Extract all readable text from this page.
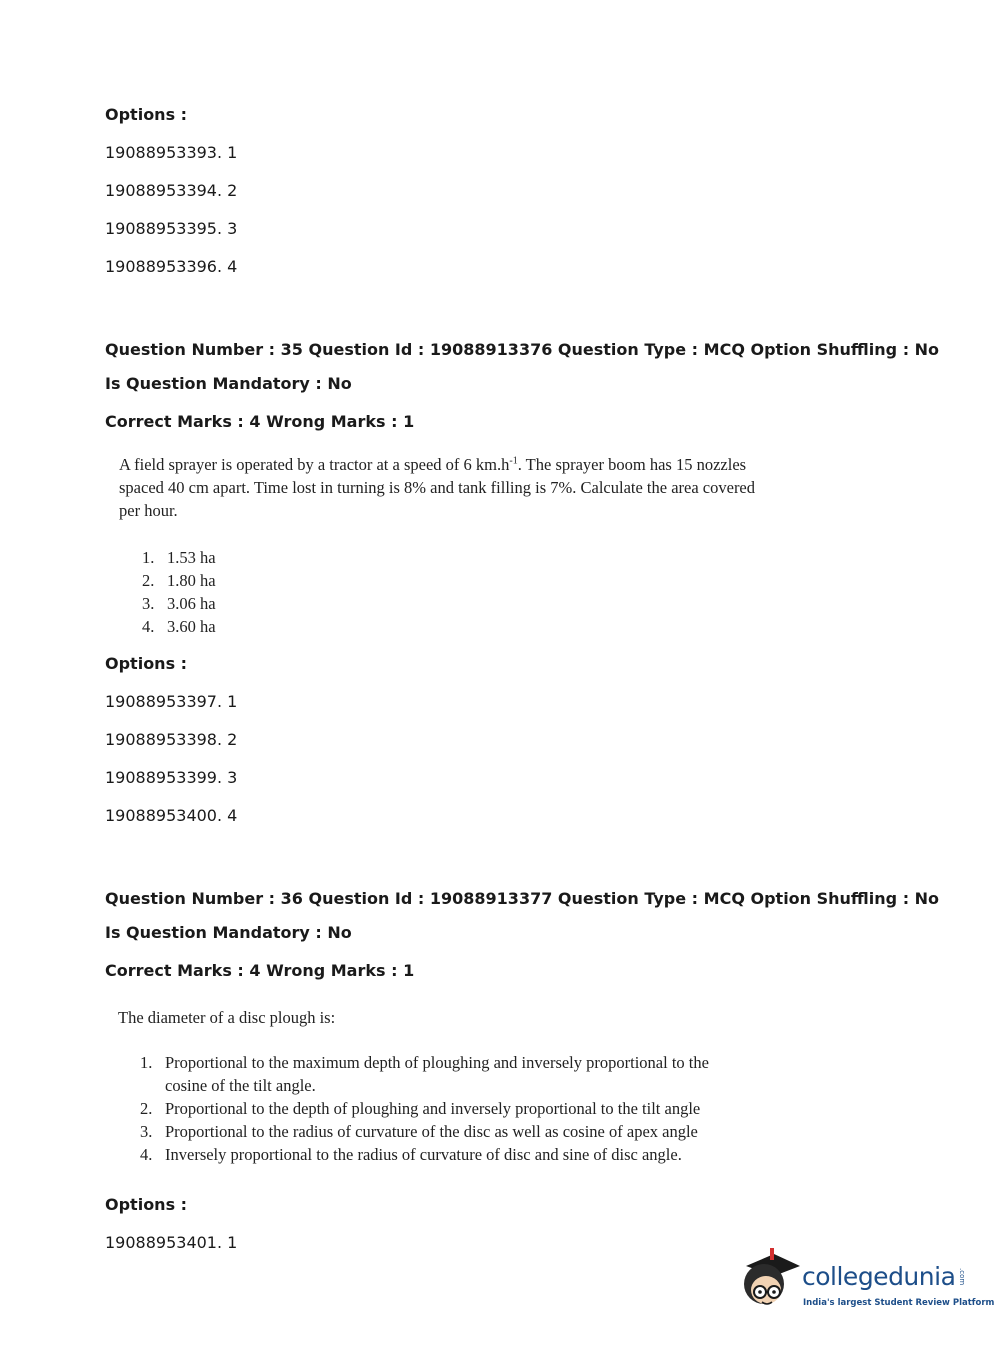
Options :
19088953393. 1
19088953394. 2
19088953395. 3
19088953396. 4
Question Number : 35 Question Id : 19088913376 Question Type : MCQ Option Shuffling : No
Is Question Mandatory : No
Correct Marks : 4 Wrong Marks : 1
A field sprayer is operated by a tractor at a speed of 6 $km.h^{-1}$. The sprayer boom has 15 nozzles spaced 40 cm apart. Time lost in turning is 8% and tank filling is 7%. Calculate the area covered per hour.
1. 1.53 ha
2. 1.80 ha
3. 3.06 ha
4. 3.60 ha
Options :
19088953397. 1
19088953398. 2
19088953399. 3
19088953400. 4
Question Number : 36 Question Id : 19088913377 Question Type : MCQ Option Shuffling : No
Is Question Mandatory : No
Correct Marks : 4 Wrong Marks : 1
The diameter of a disc plough is:
1. Proportional to the maximum depth of ploughing and inversely proportional to the cosine of the tilt angle.
2. Proportional to the depth of ploughing and inversely proportional to the tilt angle
3. Proportional to the radius of curvature of the disc as well as cosine of apex angle
4. Inversely proportional to the radius of curvature of disc and sine of disc angle.
Options :
19088953401. 1
collegedunia .com
India's largest Student Review Platform
